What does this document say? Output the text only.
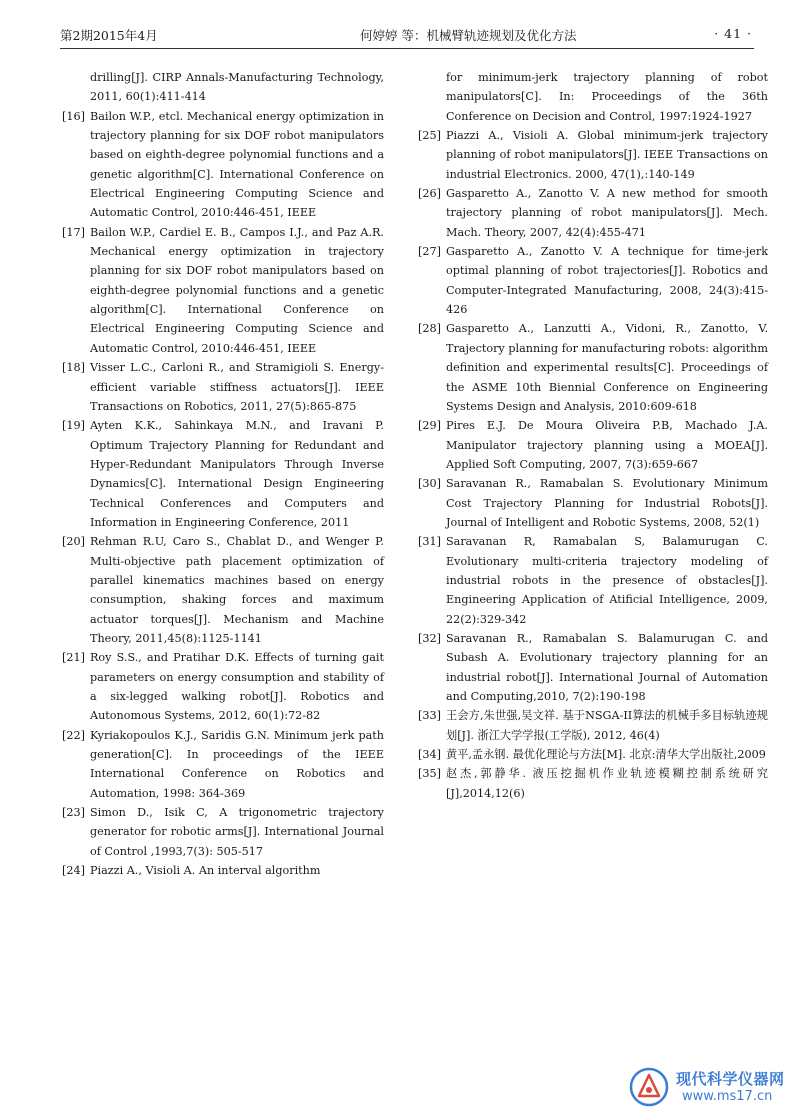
第2期2015年4月	何婷婷 等：机械臂轨迹规划及优化方法	· 41 ·
drilling[J]. CIRP Annals-Manufacturing Technology, 2011, 60(1):411-414
[16] Bailon W.P., etcl. Mechanical energy optimization in trajectory planning for six DOF robot manipulators based on eighth-degree polynomial functions and a genetic algorithm[C]. International Conference on Electrical Engineering Computing Science and Automatic Control, 2010:446-451, IEEE
[17] Bailon W.P., Cardiel E. B., Campos I.J., and Paz A.R. Mechanical energy optimization in trajectory planning for six DOF robot manipulators based on eighth-degree polynomial functions and a genetic algorithm[C]. International Conference on Electrical Engineering Computing Science and Automatic Control, 2010:446-451, IEEE
[18] Visser L.C., Carloni R., and Stramigioli S. Energy-efficient variable stiffness actuators[J]. IEEE Transactions on Robotics, 2011, 27(5):865-875
[19] Ayten K.K., Sahinkaya M.N., and Iravani P. Optimum Trajectory Planning for Redundant and Hyper-Redundant Manipulators Through Inverse Dynamics[C]. International Design Engineering Technical Conferences and Computers and Information in Engineering Conference, 2011
[20] Rehman R.U, Caro S., Chablat D., and Wenger P. Multi-objective path placement optimization of parallel kinematics machines based on energy consumption, shaking forces and maximum actuator torques[J]. Mechanism and Machine Theory, 2011,45(8):1125-1141
[21] Roy S.S., and Pratihar D.K. Effects of turning gait parameters on energy consumption and stability of a six-legged walking robot[J]. Robotics and Autonomous Systems, 2012, 60(1):72-82
[22] Kyriakopoulos K.J., Saridis G.N. Minimum jerk path generation[C]. In proceedings of the IEEE International Conference on Robotics and Automation, 1998: 364-369
[23] Simon D., Isik C, A trigonometric trajectory generator for robotic arms[J]. International Journal of Control ,1993,7(3): 505-517
[24] Piazzi A., Visioli A. An interval algorithm
for minimum-jerk trajectory planning of robot manipulators[C]. In: Proceedings of the 36th Conference on Decision and Control, 1997:1924-1927
[25] Piazzi A., Visioli A. Global minimum-jerk trajectory planning of robot manipulators[J]. IEEE Transactions on industrial Electronics. 2000, 47(1),:140-149
[26] Gasparetto A., Zanotto V. A new method for smooth trajectory planning of robot manipulators[J]. Mech. Mach. Theory, 2007, 42(4):455-471
[27] Gasparetto A., Zanotto V. A technique for time-jerk optimal planning of robot trajectories[J]. Robotics and Computer-Integrated Manufacturing, 2008, 24(3):415-426
[28] Gasparetto A., Lanzutti A., Vidoni, R., Zanotto, V. Trajectory planning for manufacturing robots: algorithm definition and experimental results[C]. Proceedings of the ASME 10th Biennial Conference on Engineering Systems Design and Analysis, 2010:609-618
[29] Pires E.J. De Moura Oliveira P.B, Machado J.A. Manipulator trajectory planning using a MOEA[J]. Applied Soft Computing, 2007, 7(3):659-667
[30] Saravanan R., Ramabalan S. Evolutionary Minimum Cost Trajectory Planning for Industrial Robots[J]. Journal of Intelligent and Robotic Systems, 2008, 52(1)
[31] Saravanan R, Ramabalan S, Balamurugan C. Evolutionary multi-criteria trajectory modeling of industrial robots in the presence of obstacles[J]. Engineering Application of Atificial Intelligence, 2009, 22(2):329-342
[32] Saravanan R., Ramabalan S. Balamurugan C. and Subash A. Evolutionary trajectory planning for an industrial robot[J]. International Journal of Automation and Computing,2010, 7(2):190-198
[33] 王会方,朱世强,吴文祥. 基于NSGA-II算法的机械手多目标轨迹规划[J]. 浙江大学学报(工学版), 2012, 46(4)
[34] 黄平,孟永钢. 最优化理论与方法[M]. 北京:清华大学出版社,2009
[35] 赵杰,郭静华. 液压挖掘机作业轨迹模糊控制系统研究[J],2014,12(6)
现代科学仪器网
www.ms17.cn
